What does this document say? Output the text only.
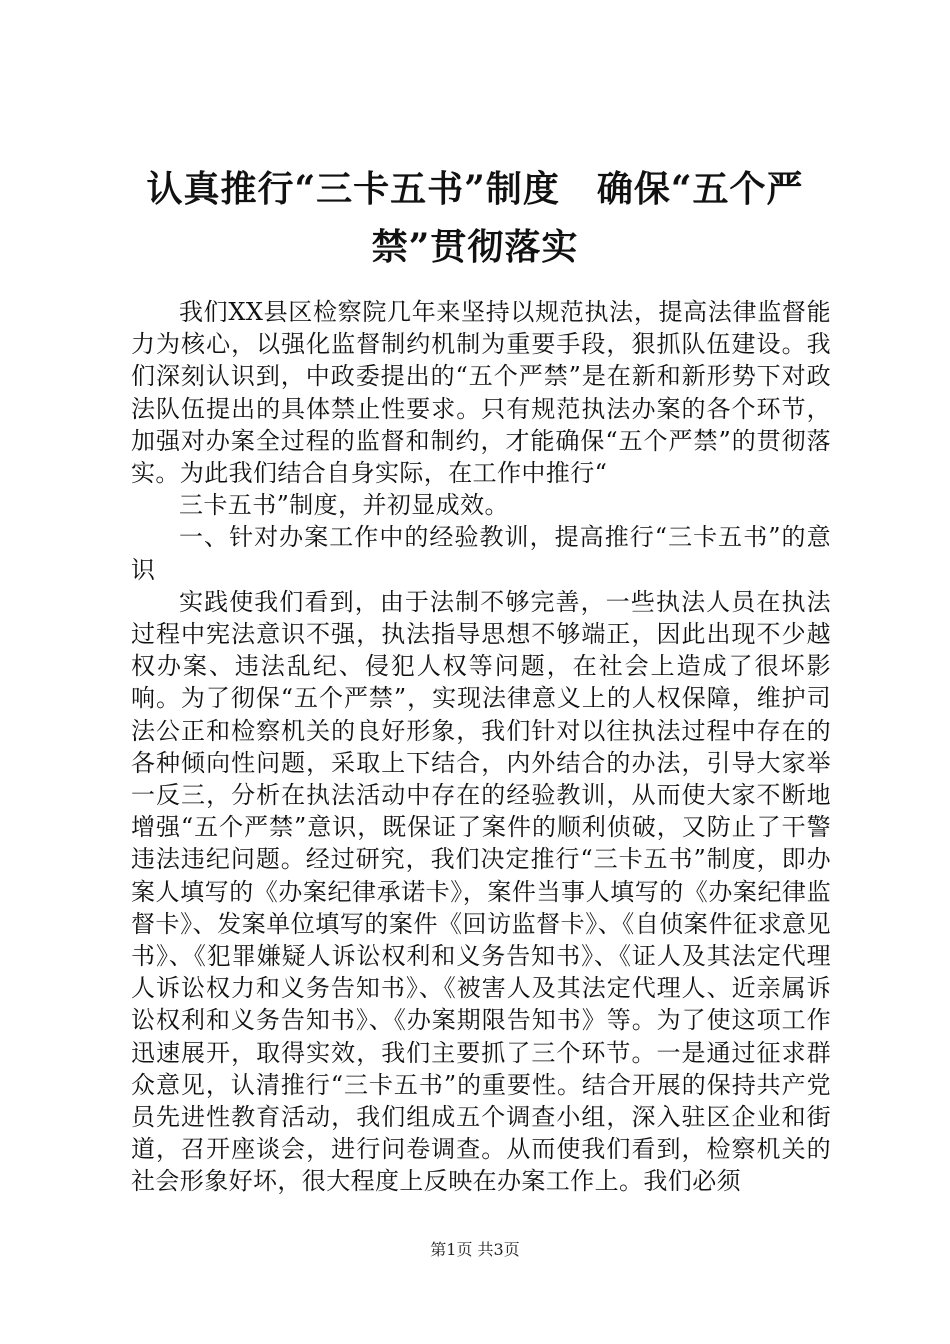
认真推行“三卡五书”制度　确保“五个严
禁”贯彻落实

我们XX县区检察院几年来坚持以规范执法，提高法律监督能力为核心，以强化监督制约机制为重要手段，狠抓队伍建设。我们深刻认识到，中政委提出的“五个严禁”是在新和新形势下对政法队伍提出的具体禁止性要求。只有规范执法办案的各个环节，加强对办案全过程的监督和制约，才能确保“五个严禁”的贯彻落实。为此我们结合自身实际，在工作中推行“

三卡五书”制度，并初显成效。

一、针对办案工作中的经验教训，提高推行“三卡五书”的意识

实践使我们看到，由于法制不够完善，一些执法人员在执法过程中宪法意识不强，执法指导思想不够端正，因此出现不少越权办案、违法乱纪、侵犯人权等问题，在社会上造成了很坏影响。为了彻保“五个严禁”，实现法律意义上的人权保障，维护司法公正和检察机关的良好形象，我们针对以往执法过程中存在的各种倾向性问题，采取上下结合，内外结合的办法，引导大家举一反三，分析在执法活动中存在的经验教训，从而使大家不断地增强“五个严禁”意识，既保证了案件的顺利侦破，又防止了干警违法违纪问题。经过研究，我们决定推行“三卡五书”制度，即办案人填写的《办案纪律承诺卡》，案件当事人填写的《办案纪律监督卡》、发案单位填写的案件《回访监督卡》、《自侦案件征求意见书》、《犯罪嫌疑人诉讼权利和义务告知书》、《证人及其法定代理人诉讼权力和义务告知书》、《被害人及其法定代理人、近亲属诉讼权利和义务告知书》、《办案期限告知书》等。为了使这项工作迅速展开，取得实效，我们主要抓了三个环节。一是通过征求群众意见，认清推行“三卡五书”的重要性。结合开展的保持共产党员先进性教育活动，我们组成五个调查小组，深入驻区企业和街道，召开座谈会，进行问卷调查。从而使我们看到，检察机关的社会形象好坏，很大程度上反映在办案工作上。我们必须

第1页 共3页
